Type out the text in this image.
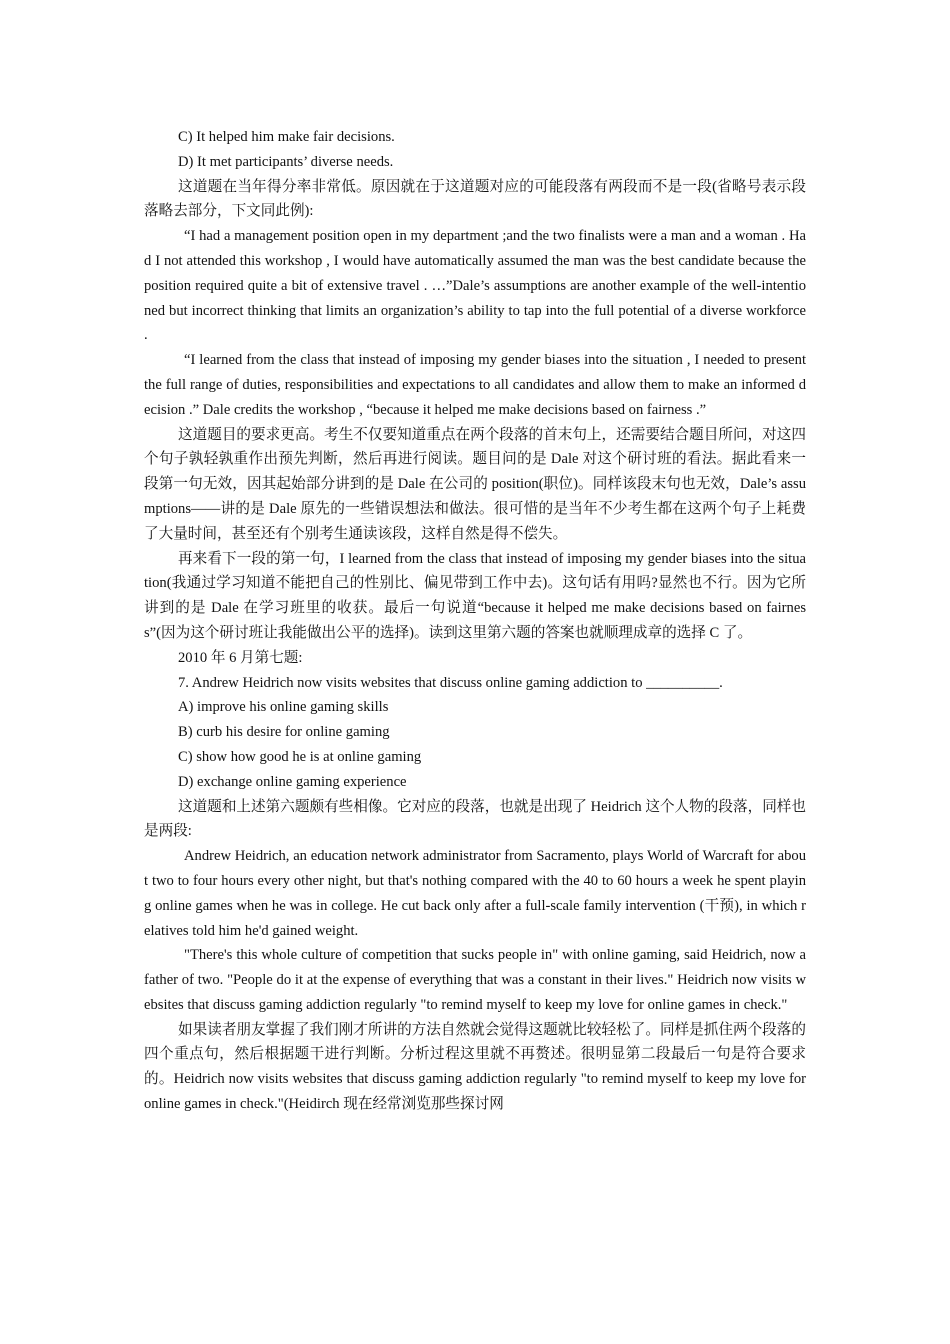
C) It helped him make fair decisions.

D) It met participants’ diverse needs.

这道题在当年得分率非常低。原因就在于这道题对应的可能段落有两段而不是一段(省略号表示段落略去部分，下文同此例):

“I had a management position open in my department ;and the two finalists were a man and a woman . Had I not attended this workshop , I would have automatically assumed the man was the best candidate because the position required quite a bit of extensive travel . …”Dale’s assumptions are another example of the well-intentioned but incorrect thinking that limits an organization’s ability to tap into the full potential of a diverse workforce .

“I learned from the class that instead of imposing my gender biases into the situation , I needed to present the full range of duties, responsibilities and expectations to all candidates and allow them to make an informed decision .” Dale credits the workshop , “because it helped me make decisions based on fairness .”

这道题目的要求更高。考生不仅要知道重点在两个段落的首末句上，还需要结合题目所问，对这四个句子孰轻孰重作出预先判断，然后再进行阅读。题目问的是 Dale 对这个研讨班的看法。据此看来一段第一句无效，因其起始部分讲到的是 Dale 在公司的 position(职位)。同样该段末句也无效，Dale’s assumptions——讲的是 Dale 原先的一些错误想法和做法。很可惜的是当年不少考生都在这两个句子上耗费了大量时间，甚至还有个别考生通读该段，这样自然是得不偿失。

再来看下一段的第一句，I learned from the class that instead of imposing my gender biases into the situation(我通过学习知道不能把自己的性别比、偏见带到工作中去)。这句话有用吗?显然也不行。因为它所讲到的是 Dale 在学习班里的收获。最后一句说道“because it helped me make decisions based on fairness”(因为这个研讨班让我能做出公平的选择)。读到这里第六题的答案也就顺理成章的选择 C 了。

2010 年 6 月第七题:

7. Andrew Heidrich now visits websites that discuss online gaming addiction to __________.

A) improve his online gaming skills

B) curb his desire for online gaming

C) show how good he is at online gaming

D) exchange online gaming experience

这道题和上述第六题颇有些相像。它对应的段落，也就是出现了 Heidrich 这个人物的段落，同样也是两段:

Andrew Heidrich, an education network administrator from Sacramento, plays World of Warcraft for about two to four hours every other night, but that's nothing compared with the 40 to 60 hours a week he spent playing online games when he was in college. He cut back only after a full-scale family intervention (干预), in which relatives told him he'd gained weight.

"There's this whole culture of competition that sucks people in" with online gaming, said Heidrich, now a father of two. "People do it at the expense of everything that was a constant in their lives." Heidrich now visits websites that discuss gaming addiction regularly "to remind myself to keep my love for online games in check."

如果读者朋友掌握了我们刚才所讲的方法自然就会觉得这题就比较轻松了。同样是抓住两个段落的四个重点句，然后根据题干进行判断。分析过程这里就不再赘述。很明显第二段最后一句是符合要求的。Heidrich now visits websites that discuss gaming addiction regularly "to remind myself to keep my love for online games in check."(Heidirch 现在经常浏览那些探讨网
